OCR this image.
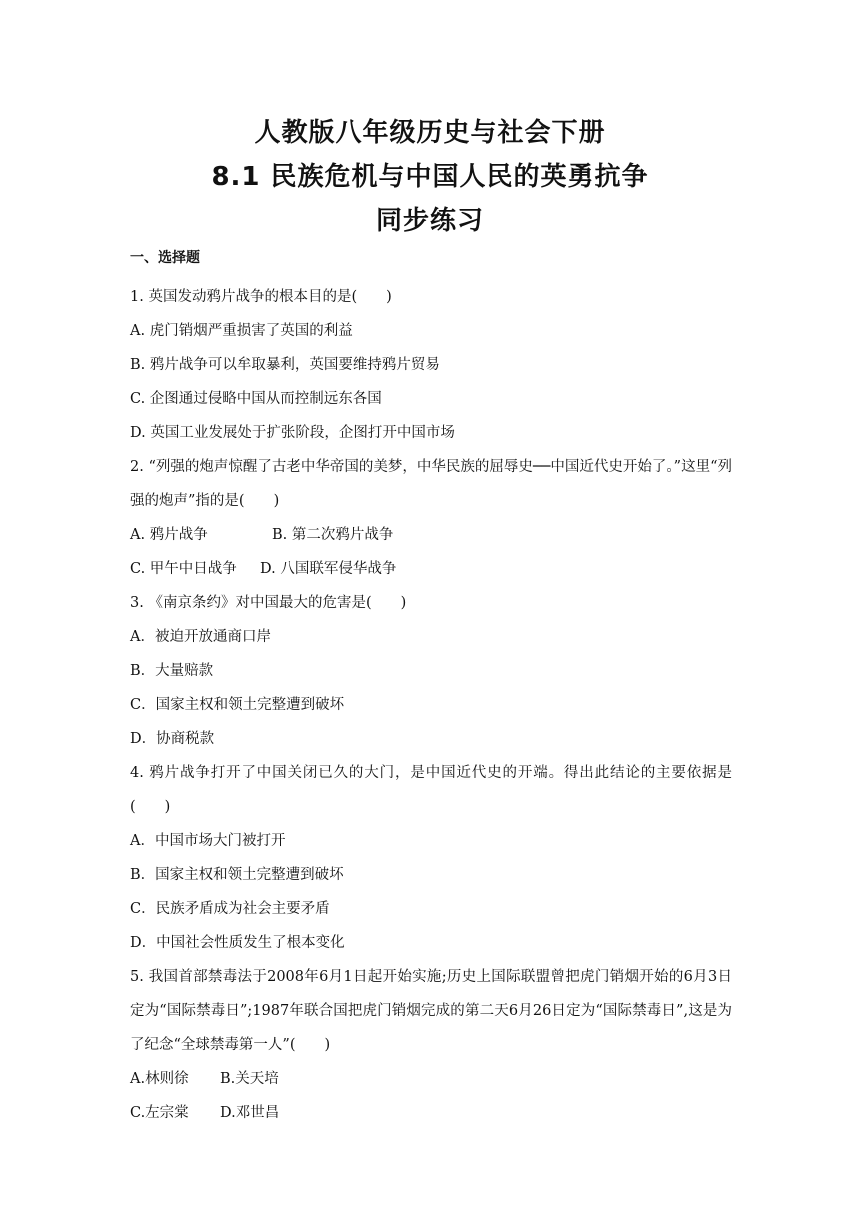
人教版八年级历史与社会下册
8.1 民族危机与中国人民的英勇抗争
同步练习
一、选择题
1. 英国发动鸦片战争的根本目的是(　　)
A. 虎门销烟严重损害了英国的利益
B. 鸦片战争可以牟取暴利，英国要维持鸦片贸易
C. 企图通过侵略中国从而控制远东各国
D. 英国工业发展处于扩张阶段，企图打开中国市场
2. “列强的炮声惊醒了古老中华帝国的美梦，中华民族的屈辱史──中国近代史开始了。”这里“列强的炮声”指的是(　　)
A. 鸦片战争	B. 第二次鸦片战争
C. 甲午中日战争	D. 八国联军侵华战争
3. 《南京条约》对中国最大的危害是(　　)
A．被迫开放通商口岸
B．大量赔款
C．国家主权和领土完整遭到破坏
D．协商税款
4. 鸦片战争打开了中国关闭已久的大门，是中国近代史的开端。得出此结论的主要依据是(　　)
A．中国市场大门被打开
B．国家主权和领土完整遭到破坏
C．民族矛盾成为社会主要矛盾
D．中国社会性质发生了根本变化
5. 我国首部禁毒法于2008年6月1日起开始实施;历史上国际联盟曾把虎门销烟开始的6月3日定为“国际禁毒日”;1987年联合国把虎门销烟完成的第二天6月26日定为“国际禁毒日”,这是为了纪念“全球禁毒第一人”(　　)
A.林则徐	B.关天培
C.左宗棠	D.邓世昌
